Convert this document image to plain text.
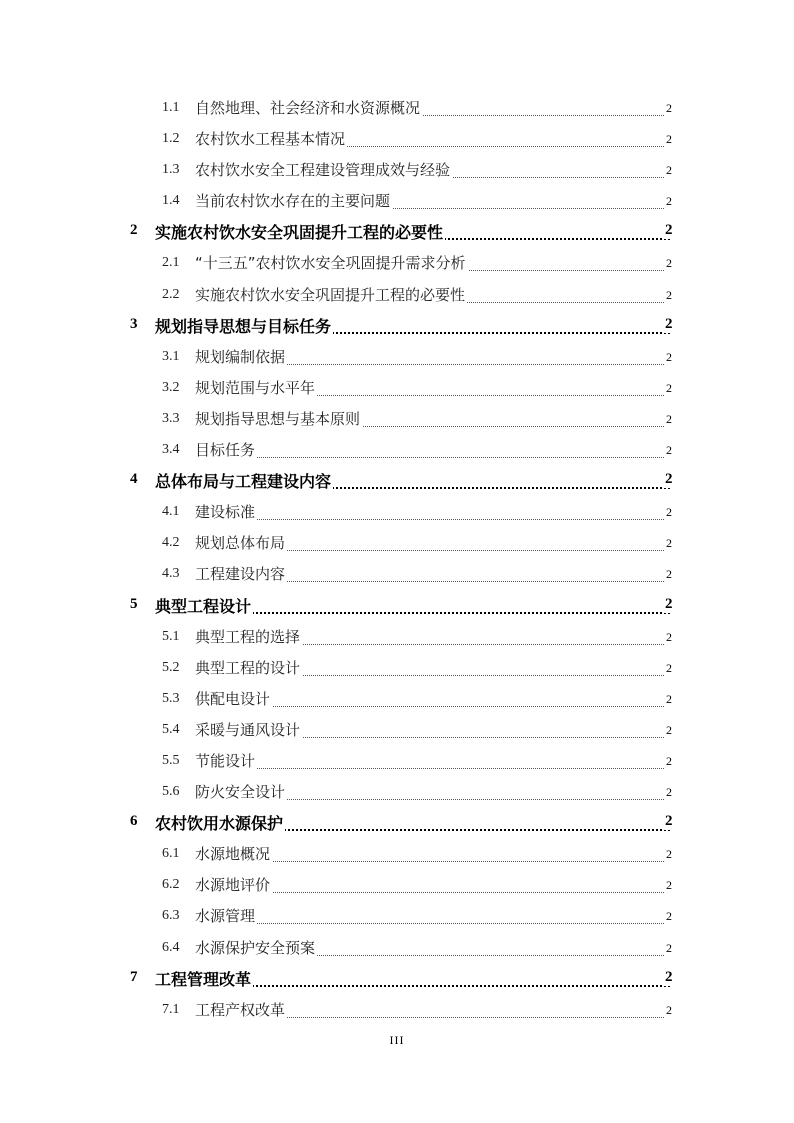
1.1 自然地理、社会经济和水资源概况	2
1.2 农村饮水工程基本情况	2
1.3 农村饮水安全工程建设管理成效与经验	2
1.4 当前农村饮水存在的主要问题	2
2 实施农村饮水安全巩固提升工程的必要性	2
2.1 “十三五”农村饮水安全巩固提升需求分析	2
2.2 实施农村饮水安全巩固提升工程的必要性	2
3 规划指导思想与目标任务	2
3.1 规划编制依据	2
3.2 规划范围与水平年	2
3.3 规划指导思想与基本原则	2
3.4 目标任务	2
4 总体布局与工程建设内容	2
4.1 建设标准	2
4.2 规划总体布局	2
4.3 工程建设内容	2
5 典型工程设计	2
5.1 典型工程的选择	2
5.2 典型工程的设计	2
5.3 供配电设计	2
5.4 采暖与通风设计	2
5.5 节能设计	2
5.6 防火安全设计	2
6 农村饮用水源保护	2
6.1 水源地概况	2
6.2 水源地评价	2
6.3 水源管理	2
6.4 水源保护安全预案	2
7 工程管理改革	2
7.1 工程产权改革	2
III
